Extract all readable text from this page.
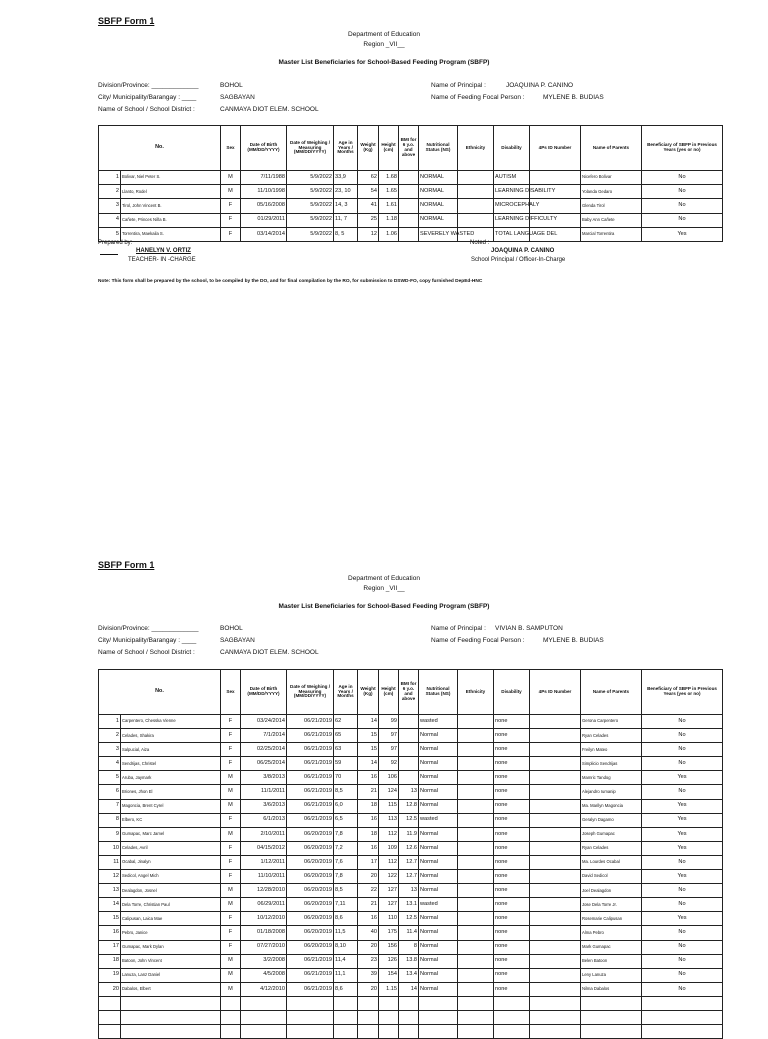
SBFP Form 1
Department of Education
Region _VII__
Master List Beneficiaries for School-Based Feeding Program (SBFP)
Division/Province: _____________	BOHOL
City/ Municipality/Barangay : ____	SAGBAYAN
Name of School / School District :	CANMAYA DIOT ELEM. SCHOOL
Name of Principal :	JOAQUINA P. CANINO
Name of Feeding Focal Person :	MYLENE B. BUDIAS
No.		Sex	Date of Birth (MM/DD/YYYY)	Date of Weighing / Measuring (MM/DD/YYYY)	Age in Years / Months	Weight (Kg)	Height (cm)	BMI for 6 y.o. and above	Nutritional Status (NS)	Ethnicity	Disability	4Ps ID Number	Name of Parents	Beneficiary of SBFP in Previous Years (yes or no)
1	Bolivar, Niel Peter S.	M	7/11/1988	5/9/2022	33,9	62	1.68		NORMAL		AUTISM		Nicefero Bolivar	No
2	Llanto, Rodel	M	11/10/1998	5/9/2022	23, 10	54	1.65		NORMAL		LEARNING DISABILITY		Yolanda Gedaro	No
3	Tirol, John Vincent B.	F	05/16/2008	5/9/2022	14, 3	41	1.61		NORMAL		MICROCEPHALY		Glenda Tirol	No
4	Cañete, Princes Niña B.	F	01/29/2011	5/9/2022	11, 7	25	1.18		NORMAL		LEARNING DIFFICULTY		Baby Ann Cañete	No
5	Torrentira, Maekaila S.	F	03/14/2014	5/9/2022	8, 5	12	1.06		SEVERELY WASTED		TOTAL LANGUAGE DEL		Marcial Torrentira	Yes
Prepared by:
HANELYN V. ORTIZ
TEACHER- IN -CHARGE
Noted :
JOAQUINA P. CANINO
School Principal / Officer-In-Charge
Note: This form shall be prepared by the school, to be compiled by the DO, and for final compilation by the RO, for submission to DSWD-FO, copy furnished DepEd-HNC
SBFP Form 1
Department of Education
Region _VII__
Master List Beneficiaries for School-Based Feeding Program (SBFP)
Division/Province: _____________	BOHOL
City/ Municipality/Barangay : ____	SAGBAYAN
Name of School / School District :	CANMAYA DIOT ELEM. SCHOOL
Name of Principal : VIVIAN B. SAMPUTON
Name of Feeding Focal Person :	MYLENE B. BUDIAS
No.		Sex	Date of Birth (MM/DD/YYYY)	Date of Weighing / Measuring (MM/DD/YYYY)	Age in Years / Months	Weight (Kg)	Height (cm)	BMI for 6 y.o. and above	Nutritional Status (NS)	Ethnicity	Disability	4Ps ID Number	Name of Parents	Beneficiary of SBFP in Previous Years (yes or no)
1	Carpentero, Chesska Vienne	F	03/24/2014	06/21/2019	62	14	99		wasted		none		Gerona Carpentero	No
2	Celades, Shakira	F	7/1/2014	06/21/2019	65	15	97		Normal		none		Ryan Celades	No
3	Salpucial, Aiza	F	02/25/2014	06/21/2019	63	15	97		Normal		none		Freilyn Mateo	No
4	Sendrijas, Christel	F	06/25/2014	06/21/2019	59	14	92		Normal		none		Simplicio Sendrijas	No
5	Aruba, Jaymark	M	3/8/2013	06/21/2019	70	16	106		Normal		none		Mamric Tandog	Yes
6	Briones, Jhon El	M	11/1/2011	06/21/2019	8,5	21	124	13	Normal		none		Alejandro Iumanip	No
7	Magoncia, Brent Cyrel	M	3/6/2013	06/21/2019	6,0	18	115	12.8	Normal		none		Ma. Marilyn Magoncia	Yes
8	Elbero, KC	F	6/1/2013	06/21/2019	6,5	16	113	12.5	wasted		none		Geralyn Dagamo	Yes
9	Gumapac, Marc Jamel	M	2/10/2011	06/20/2019	7,8	18	112	11.9	Normal		none		Joseph Gumapac	Yes
10	Celades, Avril	F	04/15/2012	06/20/2019	7,2	16	109	12.6	Normal		none		Ryan Celades	Yes
11	Ocabal, Jinalyn	F	1/12/2011	06/20/2019	7,6	17	112	12.7	Normal		none		Ma. Lourdes Ocabal	No
12	Sedicol, Angel Mich	F	11/10/2011	06/20/2019	7,8	20	122	12.7	Normal		none		David Sedicol	Yes
13	Dealagdon, Josnel	M	12/28/2010	06/20/2019	8,5	22	127	13	Normal		none		Joel Dealagdon	No
14	Dela Torre, Christian Paul	M	06/29/2011	06/20/2019	7,11	21	127	13.1	wasted		none		Jose Dela Torre Jr.	No
15	Calipusan, Laica Mae	F	10/12/2010	06/20/2019	8,6	16	110	12.5	Normal		none		Rosemarie Calipusan	Yes
16	Pebro, Janice	F	01/18/2008	06/20/2019	11,5	40	175	11.4	Normal		none		Alma Pebro	No
17	Gumapac, Mark Dylan	F	07/27/2010	06/20/2019	8,10	20	156	8	Normal		none		Mark Gumapac	No
18	Batoon, John Vincent	M	3/2/2008	06/21/2019	11,4	23	126	13.8	Normal		none		Belen Batoon	No
19	Lanuza, Lanz Daniel	M	4/5/2008	06/21/2019	11,1	39	154	13.4	Normal		none		Leny Lanuza	No
20	Dabalos, Elbert	M	4/12/2010	06/21/2019	8,6	20	1.15	14	Normal		none		Nilma Dabalos	No
